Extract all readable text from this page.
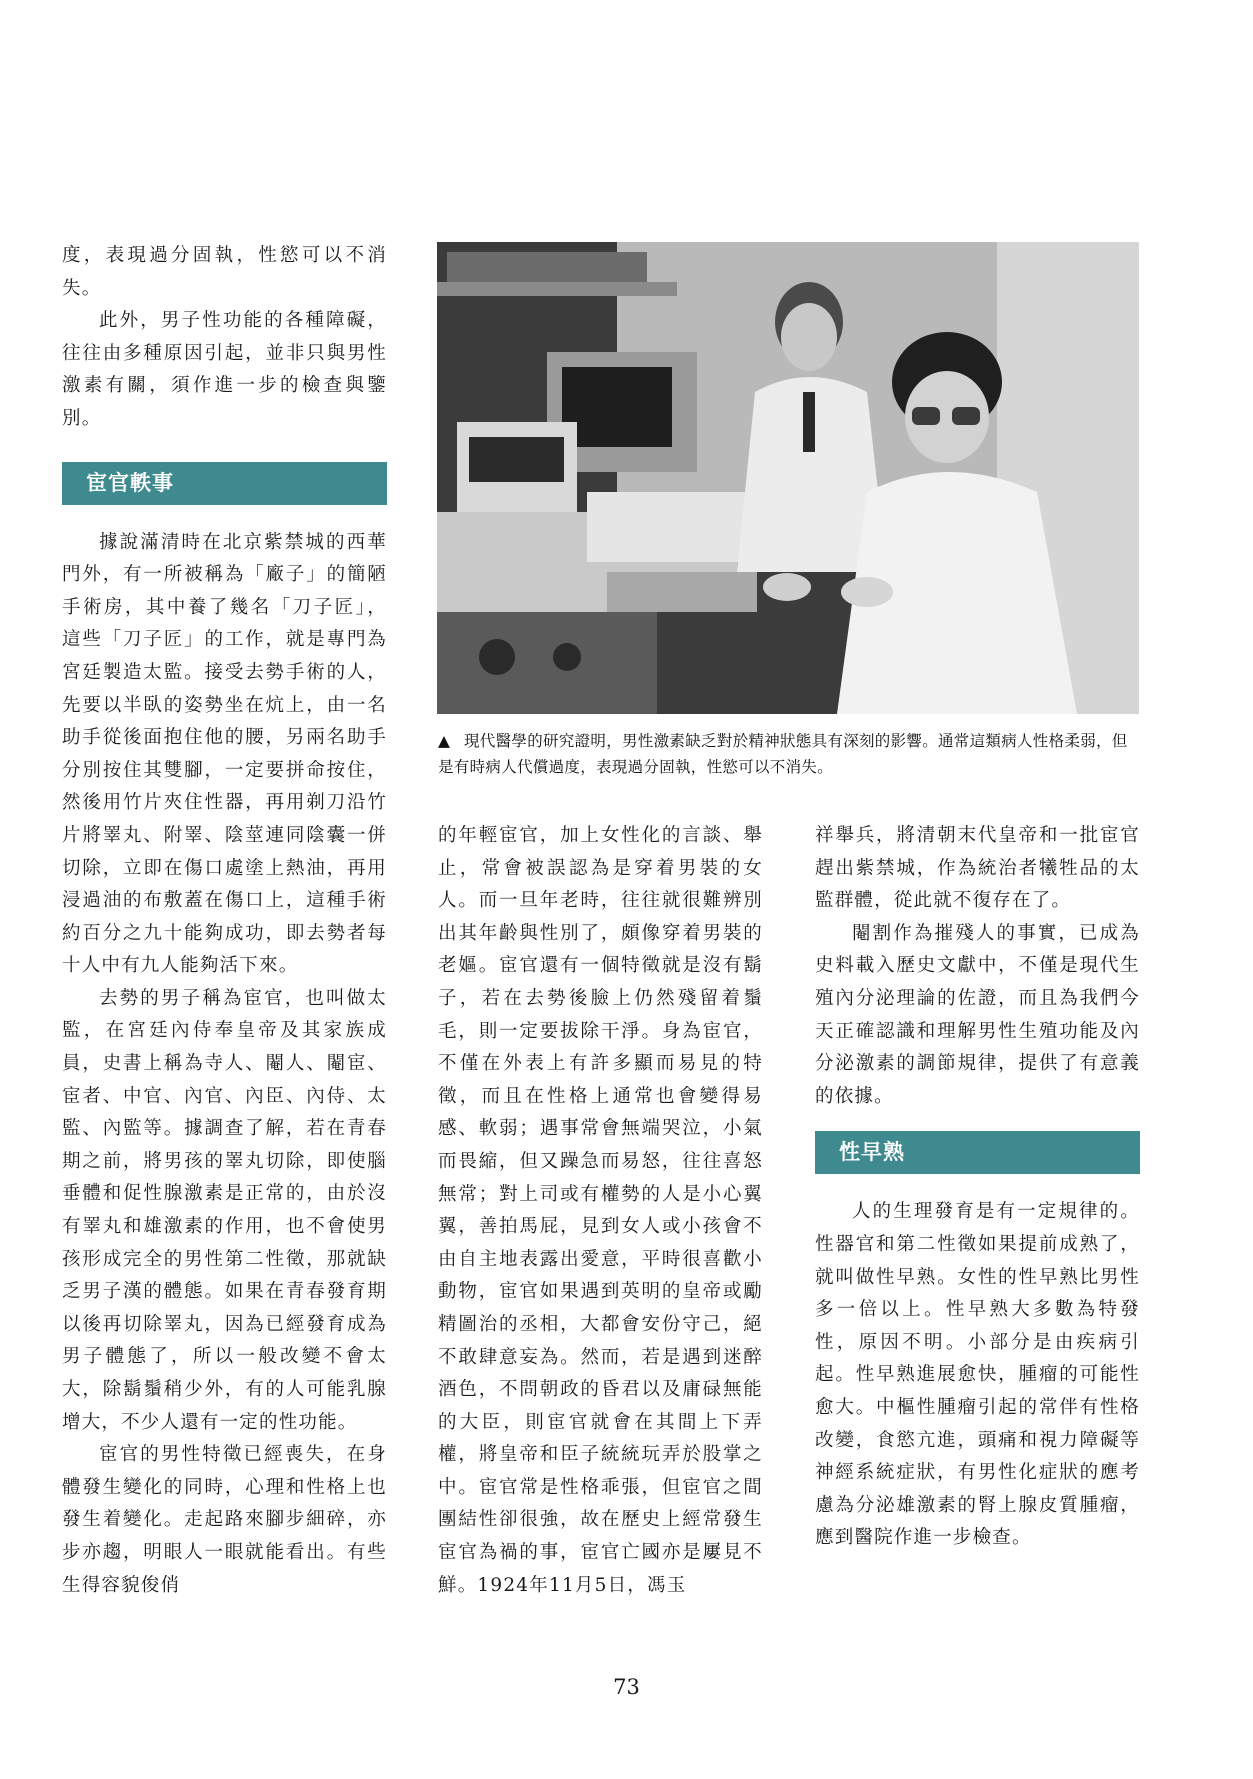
度，表現過分固執，性慾可以不消失。

此外，男子性功能的各種障礙，往往由多種原因引起，並非只與男性激素有關，須作進一步的檢查與鑒別。

宦官軼事

據說滿清時在北京紫禁城的西華門外，有一所被稱為「廠子」的簡陋手術房，其中養了幾名「刀子匠」，這些「刀子匠」的工作，就是專門為宮廷製造太監。接受去勢手術的人，先要以半臥的姿勢坐在炕上，由一名助手從後面抱住他的腰，另兩名助手分別按住其雙腳，一定要拼命按住，然後用竹片夾住性器，再用剃刀沿竹片將睪丸、附睪、陰莖連同陰囊一併切除，立即在傷口處塗上熱油，再用浸過油的布敷蓋在傷口上，這種手術約百分之九十能夠成功，即去勢者每十人中有九人能夠活下來。

去勢的男子稱為宦官，也叫做太監，在宮廷內侍奉皇帝及其家族成員，史書上稱為寺人、閹人、閹宦、宦者、中官、內官、內臣、內侍、太監、內監等。據調查了解，若在青春期之前，將男孩的睪丸切除，即使腦垂體和促性腺激素是正常的，由於沒有睪丸和雄激素的作用，也不會使男孩形成完全的男性第二性徵，那就缺乏男子漢的體態。如果在青春發育期以後再切除睪丸，因為已經發育成為男子體態了，所以一般改變不會太大，除鬍鬚稍少外，有的人可能乳腺增大，不少人還有一定的性功能。

宦官的男性特徵已經喪失，在身體發生變化的同時，心理和性格上也發生着變化。走起路來腳步細碎，亦步亦趨，明眼人一眼就能看出。有些生得容貌俊俏

▲ 現代醫學的研究證明，男性激素缺乏對於精神狀態具有深刻的影響。通常這類病人性格柔弱，但是有時病人代償過度，表現過分固執，性慾可以不消失。

的年輕宦官，加上女性化的言談、舉止，常會被誤認為是穿着男裝的女人。而一旦年老時，往往就很難辨別出其年齡與性別了，頗像穿着男裝的老嫗。宦官還有一個特徵就是沒有鬍子，若在去勢後臉上仍然殘留着鬚毛，則一定要拔除干淨。身為宦官，不僅在外表上有許多顯而易見的特徵，而且在性格上通常也會變得易感、軟弱；遇事常會無端哭泣，小氣而畏縮，但又躁急而易怒，往往喜怒無常；對上司或有權勢的人是小心翼翼，善拍馬屁，見到女人或小孩會不由自主地表露出愛意，平時很喜歡小動物，宦官如果遇到英明的皇帝或勵精圖治的丞相，大都會安份守己，絕不敢肆意妄為。然而，若是遇到迷醉酒色，不問朝政的昏君以及庸碌無能的大臣，則宦官就會在其間上下弄權，將皇帝和臣子統統玩弄於股掌之中。宦官常是性格乖張，但宦官之間團結性卻很強，故在歷史上經常發生宦官為禍的事，宦官亡國亦是屢見不鮮。1924年11月5日，馮玉

祥舉兵，將清朝末代皇帝和一批宦官趕出紫禁城，作為統治者犧牲品的太監群體，從此就不復存在了。

閹割作為摧殘人的事實，已成為史料載入歷史文獻中，不僅是現代生殖內分泌理論的佐證，而且為我們今天正確認識和理解男性生殖功能及內分泌激素的調節規律，提供了有意義的依據。

性早熟

人的生理發育是有一定規律的。性器官和第二性徵如果提前成熟了，就叫做性早熟。女性的性早熟比男性多一倍以上。性早熟大多數為特發性，原因不明。小部分是由疾病引起。性早熟進展愈快，腫瘤的可能性愈大。中樞性腫瘤引起的常伴有性格改變，食慾亢進，頭痛和視力障礙等神經系統症狀，有男性化症狀的應考慮為分泌雄激素的腎上腺皮質腫瘤，應到醫院作進一步檢查。

73
